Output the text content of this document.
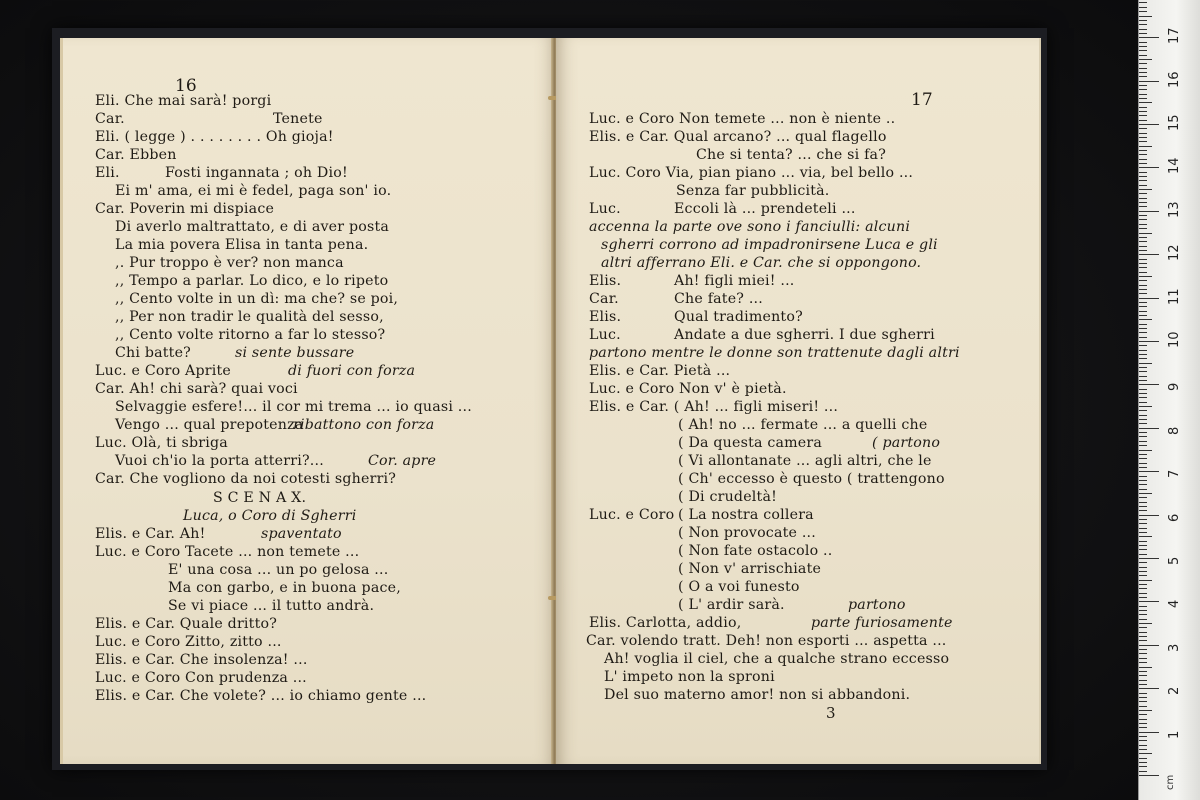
16
Eli. Che mai sarà! porgi
Car.	Tenete
Eli. ( legge ) . . . . . . . . Oh gioja!
Car. Ebben
Eli.	Fosti ingannata ; oh Dio!
Ei m' ama, ei mi è fedel, paga son' io.
Car. Poverin mi dispiace
Di averlo maltrattato, e di aver posta
La mia povera Elisa in tanta pena.
,. Pur troppo è ver? non manca
,, Tempo a parlar. Lo dico, e lo ripeto
,, Cento volte in un dì: ma che? se poi,
,, Per non tradir le qualità del sesso,
,, Cento volte ritorno a far lo stesso?
Chi batte?	si sente bussare
Luc. e Coro Aprite	di fuori con forza
Car. Ah! chi sarà? quai voci
Selvaggie esfere!... il cor mi trema ... io quasi ...
Vengo ... qual prepotenza
ribattono con forza
Luc. Olà, ti sbriga
Vuoi ch'io la porta atterri?...	Cor. apre
Car. Che vogliono da noi cotesti sgherri?
S C E N A X.
Luca, o Coro di Sgherri
Elis. e Car. Ah!	spaventato
Luc. e Coro Tacete ... non temete ...
E' una cosa ... un po gelosa ...
Ma con garbo, e in buona pace,
Se vi piace ... il tutto andrà.
Elis. e Car. Quale dritto?
Luc. e Coro Zitto, zitto ...
Elis. e Car. Che insolenza! ...
Luc. e Coro Con prudenza ...
Elis. e Car. Che volete? ... io chiamo gente ...
17
Luc. e Coro Non temete ... non è niente ..
Elis. e Car. Qual arcano? ... qual flagello
Che si tenta? ... che si fa?
Luc. Coro Via, pian piano ... via, bel bello ...
Senza far pubblicità.
Luc.	Eccoli là ... prendeteli ...
accenna la parte ove sono i fanciulli: alcuni
sgherri corrono ad impadronirsene Luca e gli
altri afferrano Eli. e Car. che si oppongono.
Elis.	Ah! figli miei! ...
Car.	Che fate? ...
Elis.	Qual tradimento?
Luc.	Andate a due sgherri. I due sgherri
partono mentre le donne son trattenute dagli altri
Elis. e Car. Pietà ...
Luc. e Coro Non v' è pietà.
Elis. e Car. ( Ah! ... figli miseri! ...
( Ah! no ... fermate ... a quelli che
( Da questa camera	( partono
( Vi allontanate ... agli altri, che le
( Ch' eccesso è questo ( trattengono
( Di crudeltà!
Luc. e Coro ( La nostra collera
( Non provocate ...
( Non fate ostacolo ..
( Non v' arrischiate
( O a voi funesto
( L' ardir sarà.	partono
Elis. Carlotta, addio,	parte furiosamente
Car. volendo tratt. Deh! non esporti ... aspetta ...
Ah! voglia il ciel, che a qualche strano eccesso
L' impeto non la sproni
Del suo materno amor! non si abbandoni.
3
cm
1
2
3
4
5
6
7
8
9
10
11
12
13
14
15
16
17
